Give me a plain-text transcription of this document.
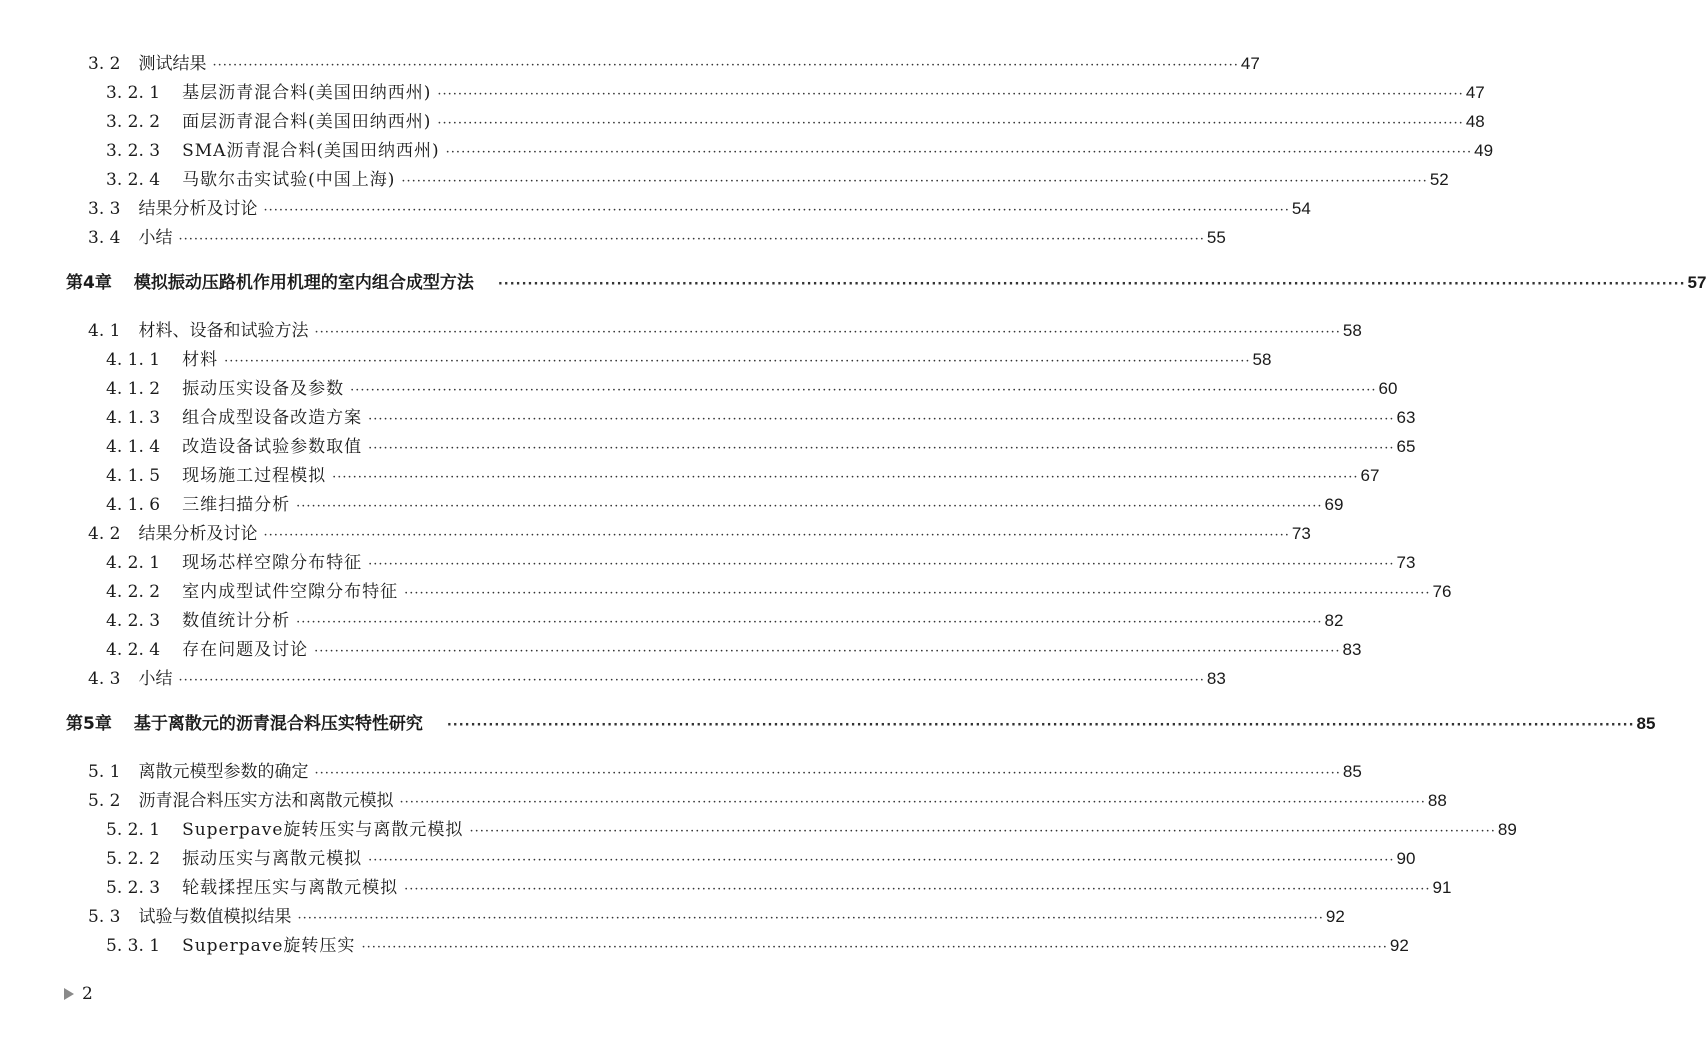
3. 2 测试结果 ········································································································································································································ 47
3. 2. 1 基层沥青混合料(美国田纳西州) ········································································································································································································ 47
3. 2. 2 面层沥青混合料(美国田纳西州) ········································································································································································································ 48
3. 2. 3 SMA沥青混合料(美国田纳西州) ········································································································································································································ 49
3. 2. 4 马歇尔击实试验(中国上海) ········································································································································································································ 52
3. 3 结果分析及讨论 ········································································································································································································ 54
3. 4 小结 ········································································································································································································ 55
第4章 模拟振动压路机作用机理的室内组合成型方法 ········································································································································································································ 57
4. 1 材料、设备和试验方法 ········································································································································································································ 58
4. 1. 1 材料 ········································································································································································································ 58
4. 1. 2 振动压实设备及参数 ········································································································································································································ 60
4. 1. 3 组合成型设备改造方案 ········································································································································································································ 63
4. 1. 4 改造设备试验参数取值 ········································································································································································································ 65
4. 1. 5 现场施工过程模拟 ········································································································································································································ 67
4. 1. 6 三维扫描分析 ········································································································································································································ 69
4. 2 结果分析及讨论 ········································································································································································································ 73
4. 2. 1 现场芯样空隙分布特征 ········································································································································································································ 73
4. 2. 2 室内成型试件空隙分布特征 ········································································································································································································ 76
4. 2. 3 数值统计分析 ········································································································································································································ 82
4. 2. 4 存在问题及讨论 ········································································································································································································ 83
4. 3 小结 ········································································································································································································ 83
第5章 基于离散元的沥青混合料压实特性研究 ········································································································································································································ 85
5. 1 离散元模型参数的确定 ········································································································································································································ 85
5. 2 沥青混合料压实方法和离散元模拟 ········································································································································································································ 88
5. 2. 1 Superpave旋转压实与离散元模拟 ········································································································································································································ 89
5. 2. 2 振动压实与离散元模拟 ········································································································································································································ 90
5. 2. 3 轮载揉捏压实与离散元模拟 ········································································································································································································ 91
5. 3 试验与数值模拟结果 ········································································································································································································ 92
5. 3. 1 Superpave旋转压实 ········································································································································································································ 92
2
